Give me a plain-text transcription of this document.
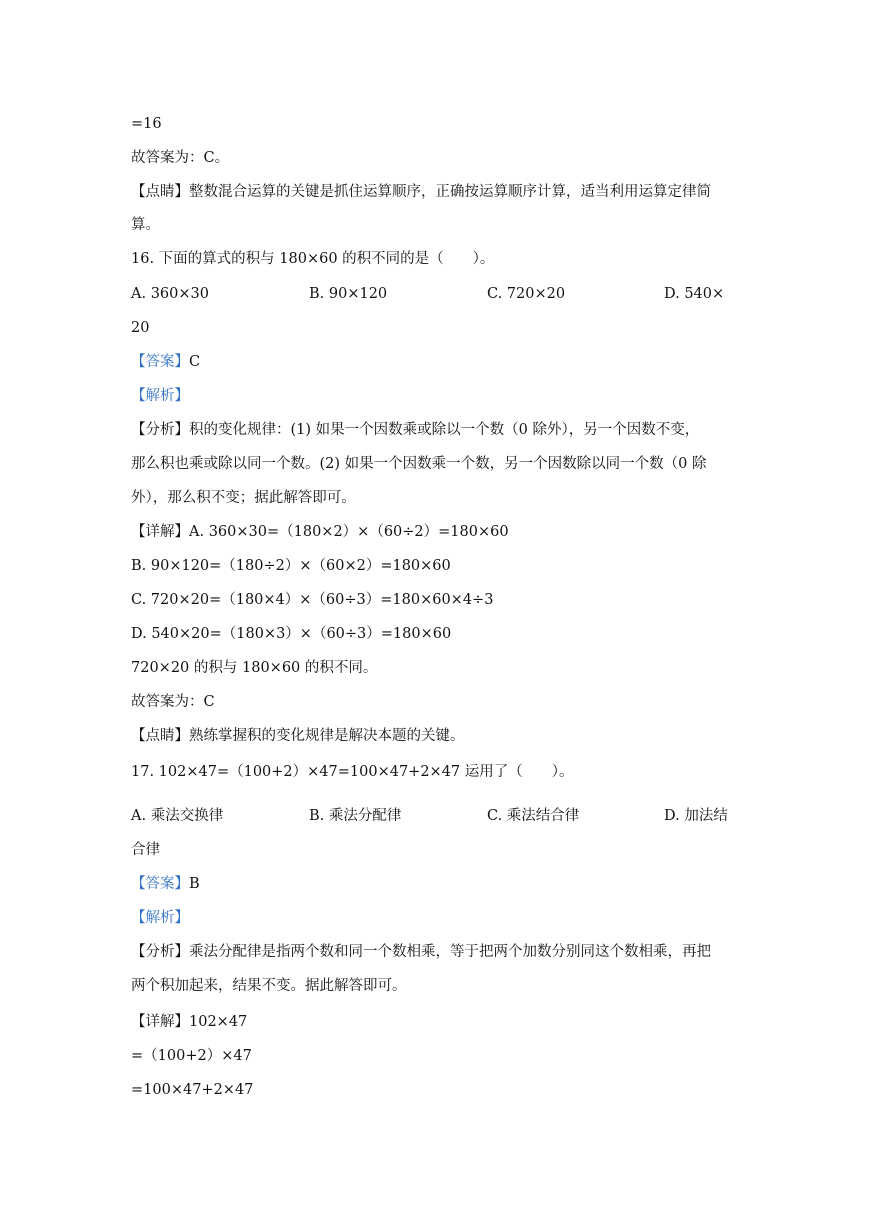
=16
故答案为：C。
【点睛】整数混合运算的关键是抓住运算顺序，正确按运算顺序计算，适当利用运算定律简
算。
16. 下面的算式的积与 180×60 的积不同的是（　　）。
A. 360×30	B. 90×120	C. 720×20	D. 540×
20
【答案】C
【解析】
【分析】积的变化规律：(1) 如果一个因数乘或除以一个数（0 除外），另一个因数不变，
那么积也乘或除以同一个数。(2) 如果一个因数乘一个数，另一个因数除以同一个数（0 除
外），那么积不变；据此解答即可。
【详解】A. 360×30=（180×2）×（60÷2）=180×60
B. 90×120=（180÷2）×（60×2）=180×60
C. 720×20=（180×4）×（60÷3）=180×60×4÷3
D. 540×20=（180×3）×（60÷3）=180×60
720×20 的积与 180×60 的积不同。
故答案为：C
【点睛】熟练掌握积的变化规律是解决本题的关键。
17. 102×47=（100+2）×47=100×47+2×47 运用了（　　）。
A. 乘法交换律	B. 乘法分配律	C. 乘法结合律	D. 加法结
合律
【答案】B
【解析】
【分析】乘法分配律是指两个数和同一个数相乘，等于把两个加数分别同这个数相乘，再把
两个积加起来，结果不变。据此解答即可。
【详解】102×47
=（100+2）×47
=100×47+2×47
